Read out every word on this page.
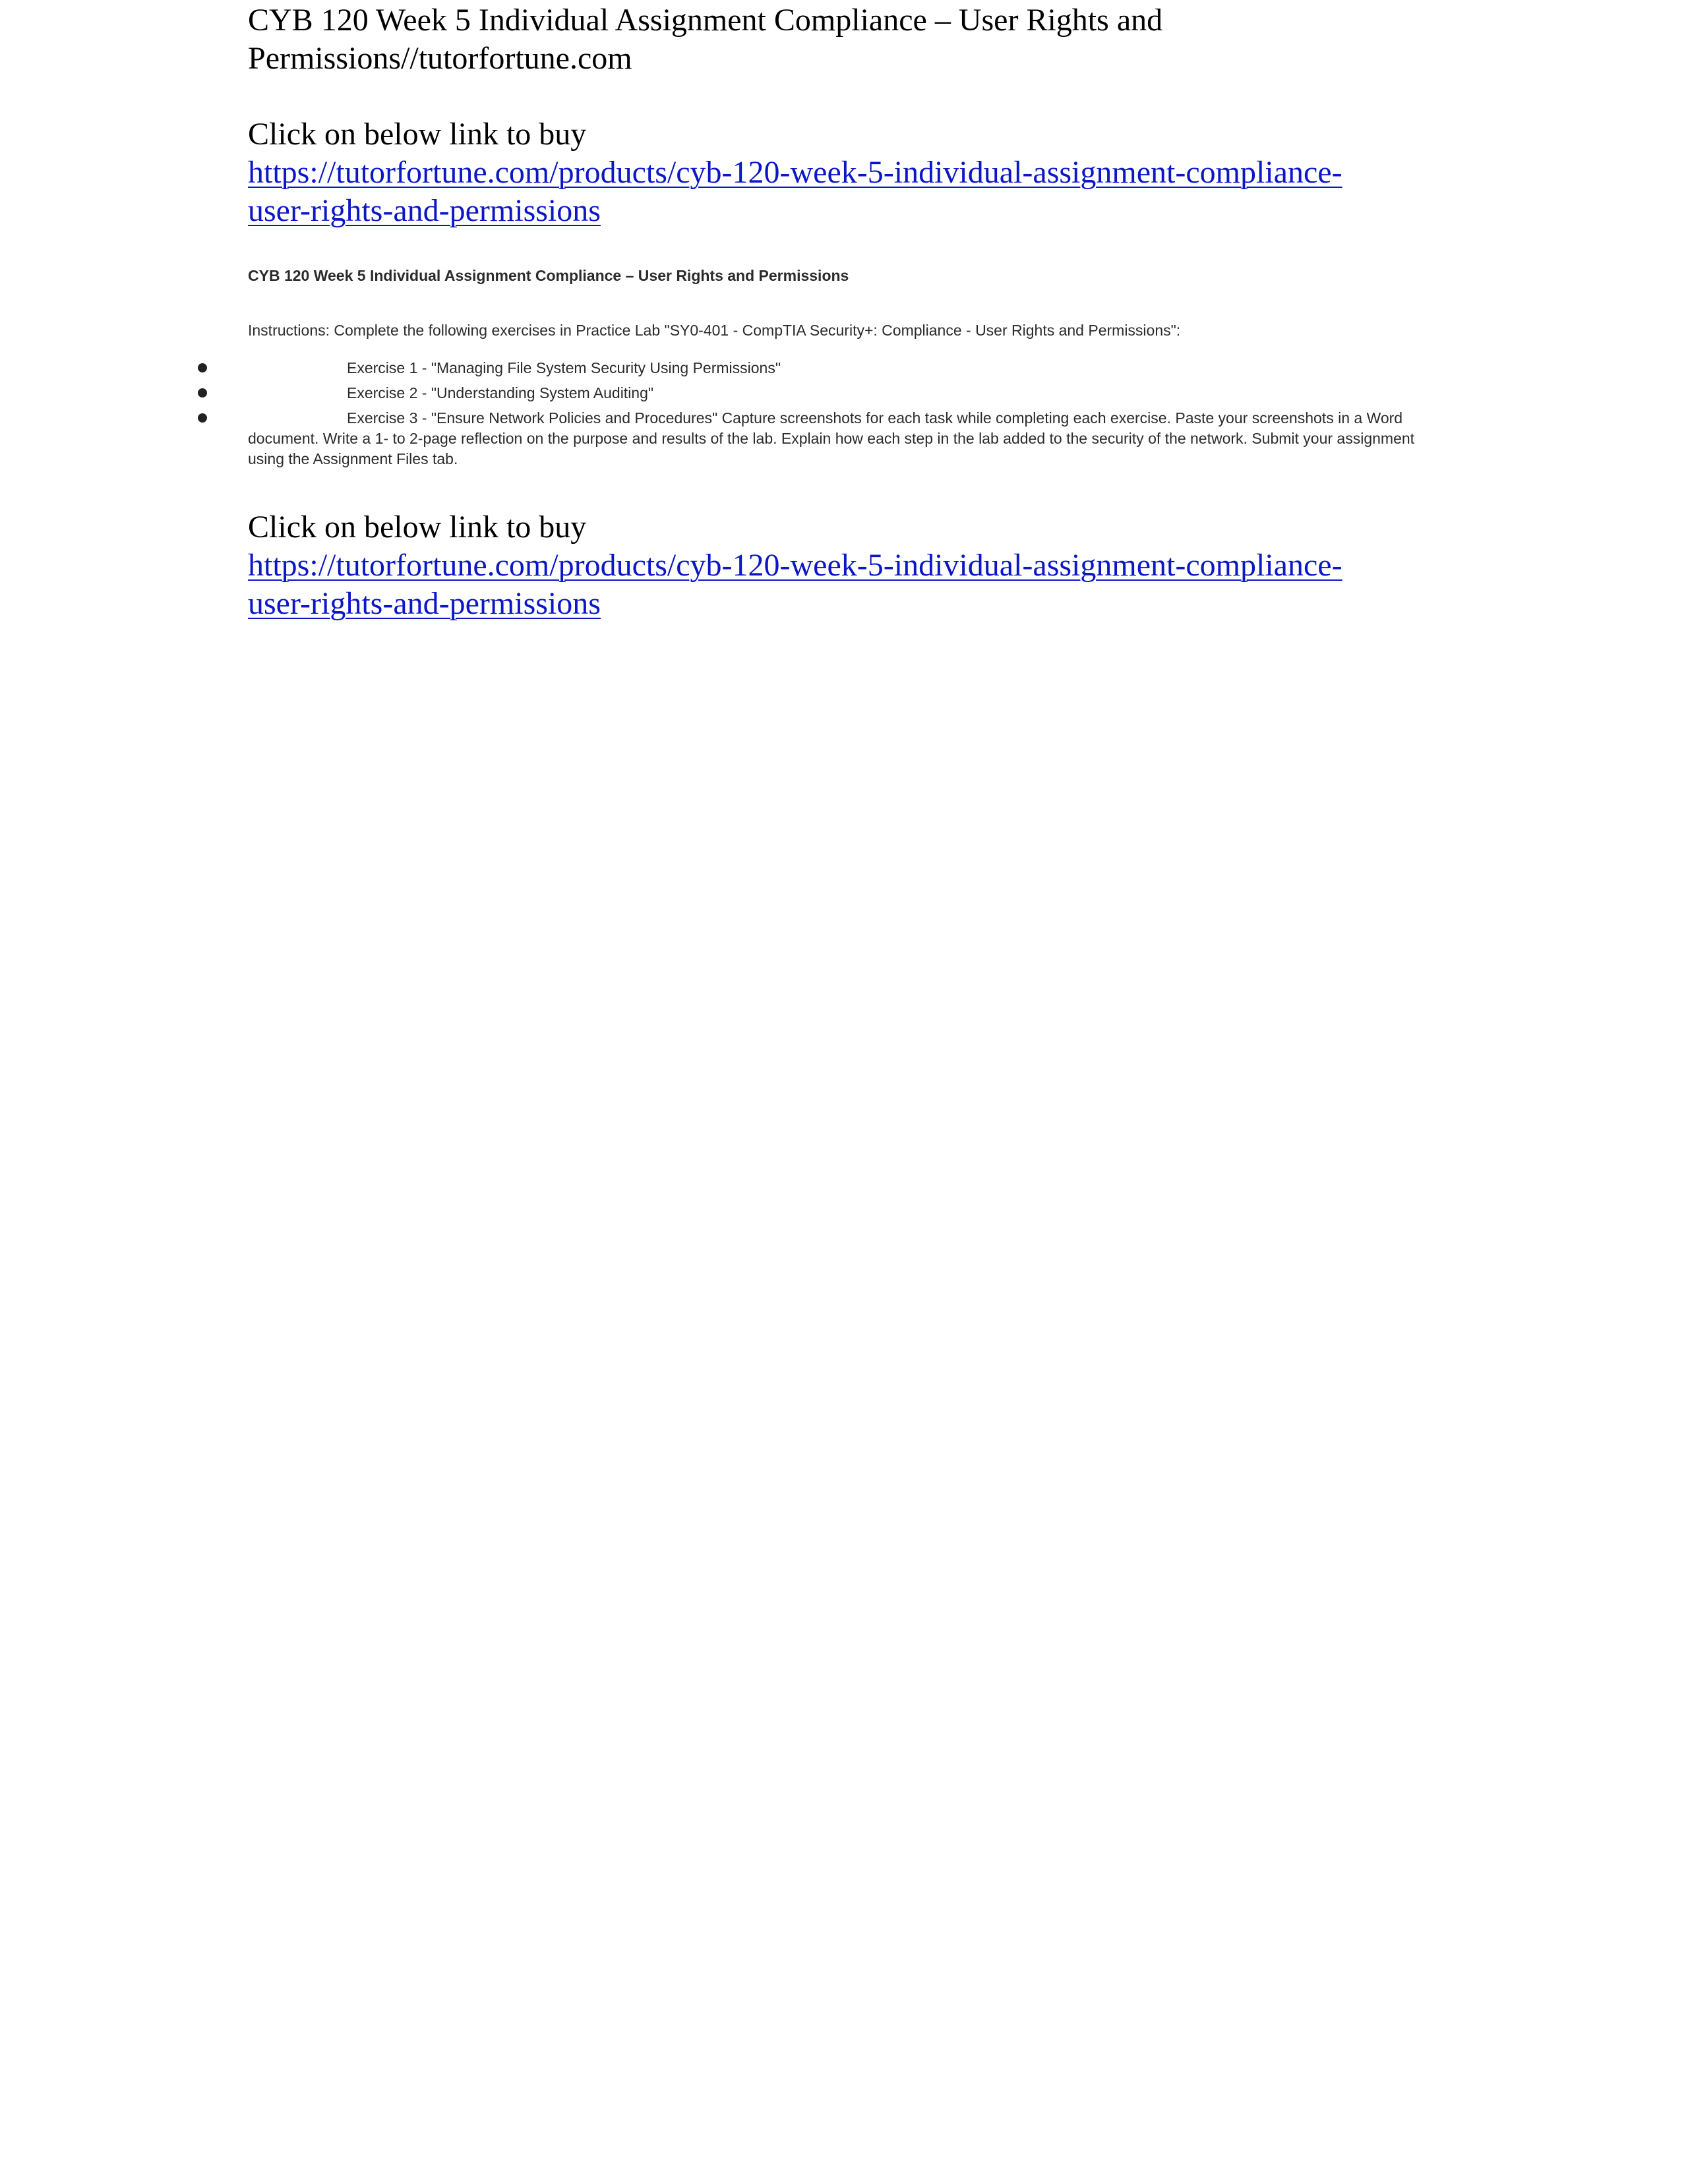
CYB 120 Week 5 Individual Assignment Compliance – User Rights and

Permissions//tutorfortune.com

Click on below link to buy

https://tutorfortune.com/products/cyb-120-week-5-individual-assignment-compliance-

user-rights-and-permissions

CYB 120 Week 5 Individual Assignment Compliance – User Rights and Permissions
Instructions: Complete the following exercises in Practice Lab "SY0-401 - CompTIA Security+: Compliance - User Rights and Permissions":
Exercise 1 - "Managing File System Security Using Permissions"
Exercise 2 - "Understanding System Auditing"
Exercise 3 - "Ensure Network Policies and Procedures" Capture screenshots for each task while completing each exercise. Paste your screenshots in a Word document. Write a 1- to 2-page reflection on the purpose and results of the lab. Explain how each step in the lab added to the security of the network. Submit your assignment using the Assignment Files tab.

Click on below link to buy

https://tutorfortune.com/products/cyb-120-week-5-individual-assignment-compliance-

user-rights-and-permissions
